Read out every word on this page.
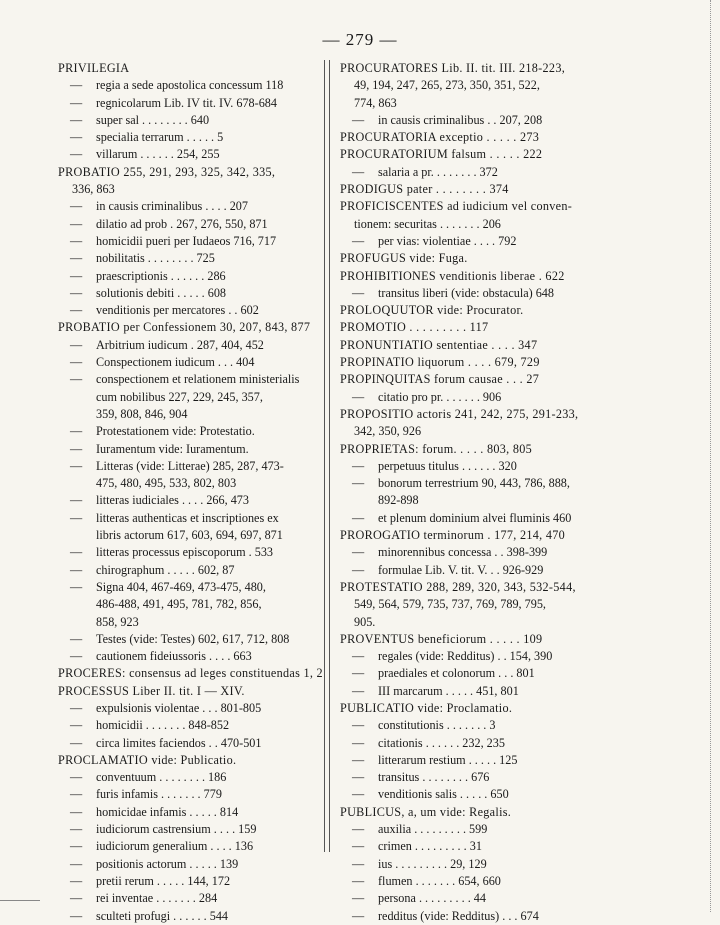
— 279 —
PRIVILEGIA
— regia a sede apostolica concessum 118
— regnicolarum Lib. IV tit. IV. 678-684
— super sal . . . . . . . . 640
— specialia terrarum . . . . . 5
— villarum . . . . . . 254, 255
PROBATIO 255, 291, 293, 325, 342, 335,
336, 863
— in causis criminalibus . . . . 207
— dilatio ad prob . 267, 276, 550, 871
— homicidii pueri per Iudaeos 716, 717
— nobilitatis . . . . . . . . 725
— praescriptionis . . . . . . 286
— solutionis debiti . . . . . 608
— venditionis per mercatores . . 602
PROBATIO per Confessionem 30, 207, 843, 877
— Arbitrium iudicum . 287, 404, 452
— Conspectionem iudicum . . . 404
— conspectionem et relationem ministerialis
cum nobilibus 227, 229, 245, 357,
359, 808, 846, 904
— Protestationem vide: Protestatio.
— Iuramentum vide: Iuramentum.
— Litteras (vide: Litterae) 285, 287, 473-
475, 480, 495, 533, 802, 803
— litteras iudiciales . . . . 266, 473
— litteras authenticas et inscriptiones ex
libris actorum 617, 603, 694, 697, 871
— litteras processus episcoporum . 533
— chirographum . . . . . 602, 87
— Signa 404, 467-469, 473-475, 480,
486-488, 491, 495, 781, 782, 856,
858, 923
— Testes (vide: Testes) 602, 617, 712, 808
— cautionem fideiussoris . . . . 663
PROCERES: consensus ad leges constituendas 1, 2
PROCESSUS Liber II. tit. I — XIV.
— expulsionis violentae . . . 801-805
— homicidii . . . . . . . 848-852
— circa limites faciendos . . 470-501
PROCLAMATIO vide: Publicatio.
— conventuum . . . . . . . . 186
— furis infamis . . . . . . . 779
— homicidae infamis . . . . . 814
— iudiciorum castrensium . . . . 159
— iudiciorum generalium . . . . 136
— positionis actorum . . . . . 139
— pretii rerum . . . . . 144, 172
— rei inventae . . . . . . . 284
— sculteti profugi . . . . . . 544
PROCURATORES Lib. II. tit. III. 218-223,
49, 194, 247, 265, 273, 350, 351, 522,
774, 863
— in causis criminalibus . . 207, 208
PROCURATORIA exceptio . . . . . 273
PROCURATORIUM falsum . . . . . 222
— salaria a pr. . . . . . . . 372
PRODIGUS pater . . . . . . . . 374
PROFICISCENTES ad iudicium vel conven-
tionem: securitas . . . . . . . 206
— per vias: violentiae . . . . 792
PROFUGUS vide: Fuga.
PROHIBITIONES venditionis liberae . 622
— transitus liberi (vide: obstacula) 648
PROLOQUUTOR vide: Procurator.
PROMOTIO . . . . . . . . . 117
PRONUNTIATIO sententiae . . . . 347
PROPINATIO liquorum . . . . 679, 729
PROPINQUITAS forum causae . . . 27
— citatio pro pr. . . . . . . 906
PROPOSITIO actoris 241, 242, 275, 291-233,
342, 350, 926
PROPRIETAS: forum. . . . . 803, 805
— perpetuus titulus . . . . . . 320
— bonorum terrestrium 90, 443, 786, 888,
892-898
— et plenum dominium alvei fluminis 460
PROROGATIO terminorum . 177, 214, 470
— minorennibus concessa . . 398-399
— formulae Lib. V. tit. V. . . 926-929
PROTESTATIO 288, 289, 320, 343, 532-544,
549, 564, 579, 735, 737, 769, 789, 795,
905.
PROVENTUS beneficiorum . . . . . 109
— regales (vide: Redditus) . . 154, 390
— praediales et colonorum . . . 801
— III marcarum . . . . . 451, 801
PUBLICATIO vide: Proclamatio.
— constitutionis . . . . . . . 3
— citationis . . . . . . 232, 235
— litterarum restium . . . . . 125
— transitus . . . . . . . . 676
— venditionis salis . . . . . 650
PUBLICUS, a, um vide: Regalis.
— auxilia . . . . . . . . . 599
— crimen . . . . . . . . . 31
— ius . . . . . . . . . 29, 129
— flumen . . . . . . . 654, 660
— persona . . . . . . . . . 44
— redditus (vide: Redditus) . . . 674
